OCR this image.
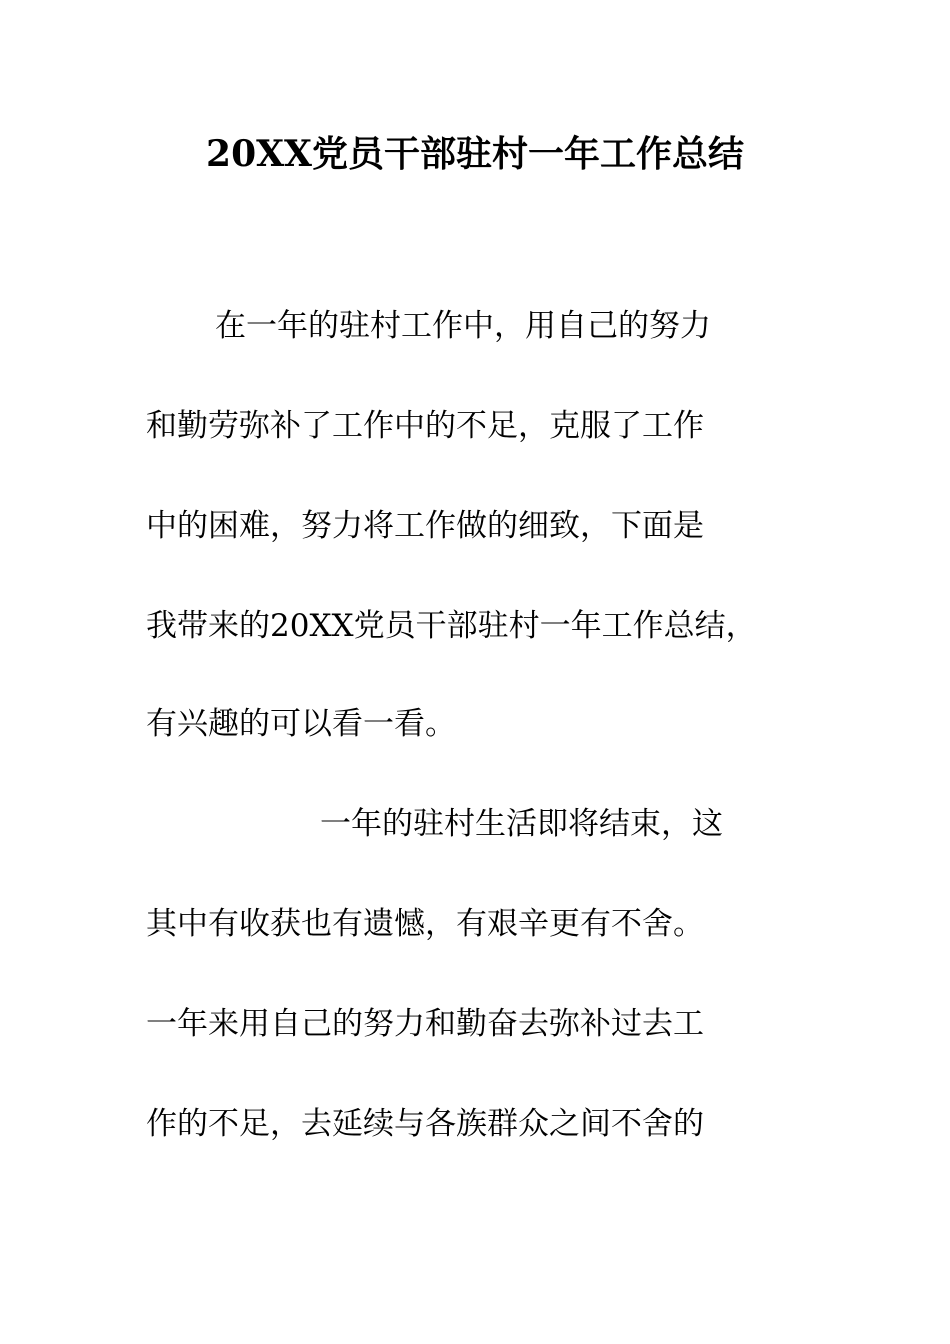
20XX党员干部驻村一年工作总结
在一年的驻村工作中，用自己的努力
和勤劳弥补了工作中的不足，克服了工作
中的困难，努力将工作做的细致，下面是
我带来的20XX党员干部驻村一年工作总结，
有兴趣的可以看一看。
一年的驻村生活即将结束，这
其中有收获也有遗憾，有艰辛更有不舍。
一年来用自己的努力和勤奋去弥补过去工
作的不足，去延续与各族群众之间不舍的
